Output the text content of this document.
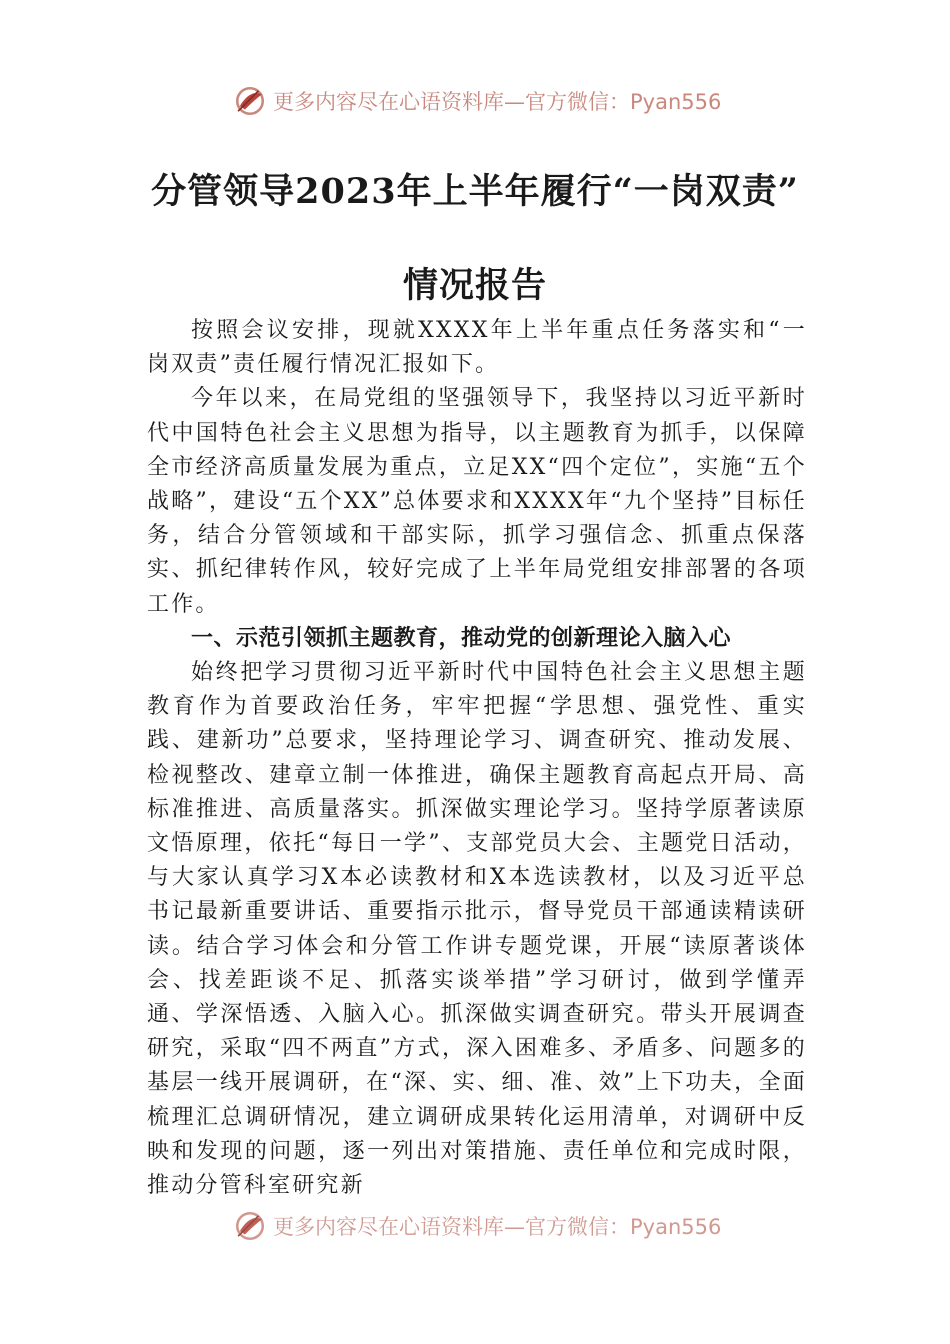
更多内容尽在心语资料库—官方微信：Pyan556
分管领导2023年上半年履行“一岗双责”
情况报告

按照会议安排，现就XXXX年上半年重点任务落实和“一岗双责”责任履行情况汇报如下。

今年以来，在局党组的坚强领导下，我坚持以习近平新时代中国特色社会主义思想为指导，以主题教育为抓手，以保障全市经济高质量发展为重点，立足XX“四个定位”，实施“五个战略”，建设“五个XX”总体要求和XXXX年“九个坚持”目标任务，结合分管领域和干部实际，抓学习强信念、抓重点保落实、抓纪律转作风，较好完成了上半年局党组安排部署的各项工作。

一、示范引领抓主题教育，推动党的创新理论入脑入心

始终把学习贯彻习近平新时代中国特色社会主义思想主题教育作为首要政治任务，牢牢把握“学思想、强党性、重实践、建新功”总要求，坚持理论学习、调查研究、推动发展、检视整改、建章立制一体推进，确保主题教育高起点开局、高标准推进、高质量落实。抓深做实理论学习。坚持学原著读原文悟原理，依托“每日一学”、支部党员大会、主题党日活动，与大家认真学习X本必读教材和X本选读教材，以及习近平总书记最新重要讲话、重要指示批示，督导党员干部通读精读研读。结合学习体会和分管工作讲专题党课，开展“读原著谈体会、找差距谈不足、抓落实谈举措”学习研讨，做到学懂弄通、学深悟透、入脑入心。抓深做实调查研究。带头开展调查研究，采取“四不两直”方式，深入困难多、矛盾多、问题多的基层一线开展调研，在“深、实、细、准、效”上下功夫，全面梳理汇总调研情况，建立调研成果转化运用清单，对调研中反映和发现的问题，逐一列出对策措施、责任单位和完成时限，推动分管科室研究新

更多内容尽在心语资料库—官方微信：Pyan556
